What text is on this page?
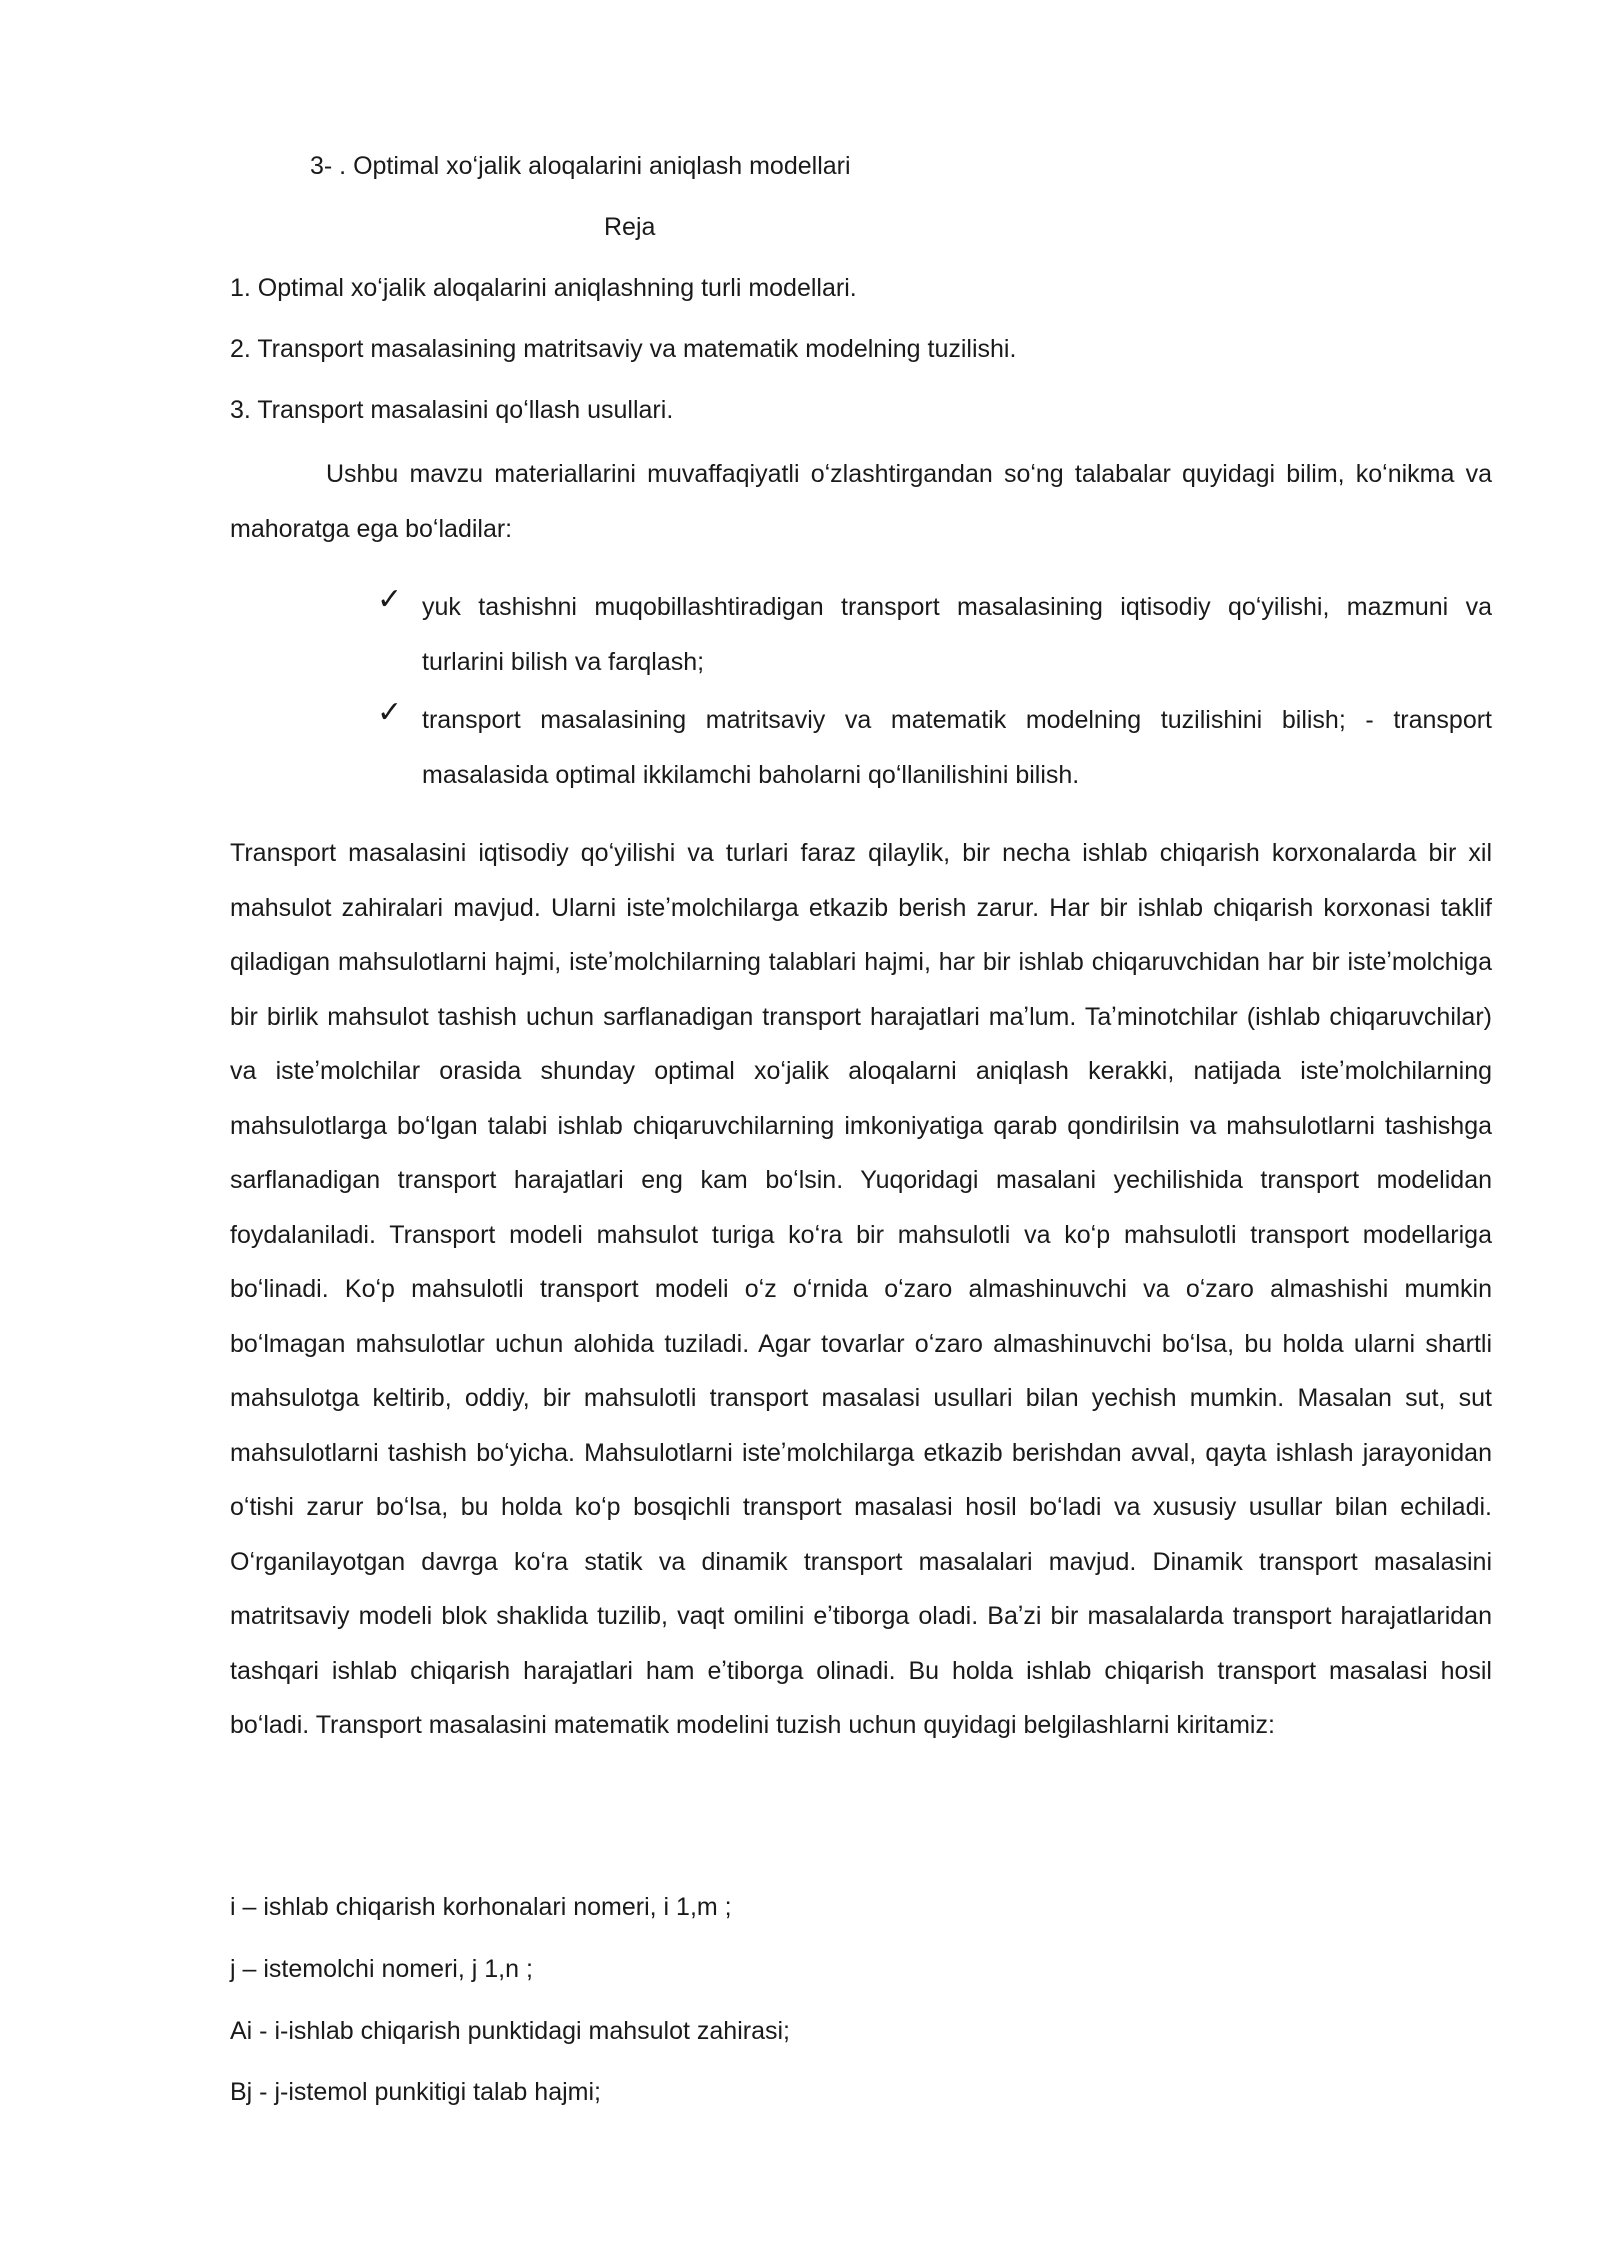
3- . Optimal xoʻjalik aloqalarini aniqlash modellari
Reja
1. Optimal xoʻjalik aloqalarini aniqlashning turli modellari.
2. Transport masalasining matritsaviy va matematik modelning tuzilishi.
3. Transport masalasini qoʻllash usullari.
Ushbu mavzu materiallarini muvaffaqiyatli oʻzlashtirgandan soʻng talabalar quyidagi bilim, koʻnikma va mahoratga ega boʻladilar:
✓ yuk tashishni muqobillashtiradigan transport masalasining iqtisodiy qoʻyilishi, mazmuni va turlarini bilish va farqlash;
✓ transport masalasining matritsaviy va matematik modelning tuzilishini bilish; - transport masalasida optimal ikkilamchi baholarni qoʻllanilishini bilish.
Transport masalasini iqtisodiy qoʻyilishi va turlari faraz qilaylik, bir necha ishlab chiqarish korxonalarda bir xil mahsulot zahiralari mavjud. Ularni isteʼmolchilarga etkazib berish zarur. Har bir ishlab chiqarish korxonasi taklif qiladigan mahsulotlarni hajmi, isteʼmolchilarning talablari hajmi, har bir ishlab chiqaruvchidan har bir isteʼmolchiga bir birlik mahsulot tashish uchun sarflanadigan transport harajatlari maʼlum. Taʼminotchilar (ishlab chiqaruvchilar) va isteʼmolchilar orasida shunday optimal xoʻjalik aloqalarni aniqlash kerakki, natijada isteʼmolchilarning mahsulotlarga boʻlgan talabi ishlab chiqaruvchilarning imkoniyatiga qarab qondirilsin va mahsulotlarni tashishga sarflanadigan transport harajatlari eng kam boʻlsin. Yuqoridagi masalani yechilishida transport modelidan foydalaniladi. Transport modeli mahsulot turiga koʻra bir mahsulotli va koʻp mahsulotli transport modellariga boʻlinadi. Koʻp mahsulotli transport modeli oʻz oʻrnida oʻzaro almashinuvchi va oʻzaro almashishi mumkin boʻlmagan mahsulotlar uchun alohida tuziladi. Agar tovarlar oʻzaro almashinuvchi boʻlsa, bu holda ularni shartli mahsulotga keltirib, oddiy, bir mahsulotli transport masalasi usullari bilan yechish mumkin. Masalan sut, sut mahsulotlarni tashish boʻyicha. Mahsulotlarni isteʼmolchilarga etkazib berishdan avval, qayta ishlash jarayonidan oʻtishi zarur boʻlsa, bu holda koʻp bosqichli transport masalasi hosil boʻladi va xususiy usullar bilan echiladi. Oʻrganilayotgan davrga koʻra statik va dinamik transport masalalari mavjud. Dinamik transport masalasini matritsaviy modeli blok shaklida tuzilib, vaqt omilini eʼtiborga oladi. Baʼzi bir masalalarda transport harajatlaridan tashqari ishlab chiqarish harajatlari ham eʼtiborga olinadi. Bu holda ishlab chiqarish transport masalasi hosil boʻladi. Transport masalasini matematik modelini tuzish uchun quyidagi belgilashlarni kiritamiz:
i – ishlab chiqarish korhonalari nomeri, i 1,m ;
j – istemolchi nomeri, j 1,n ;
Ai - i-ishlab chiqarish punktidagi mahsulot zahirasi;
Bj - j-istemol punkitigi talab hajmi;
